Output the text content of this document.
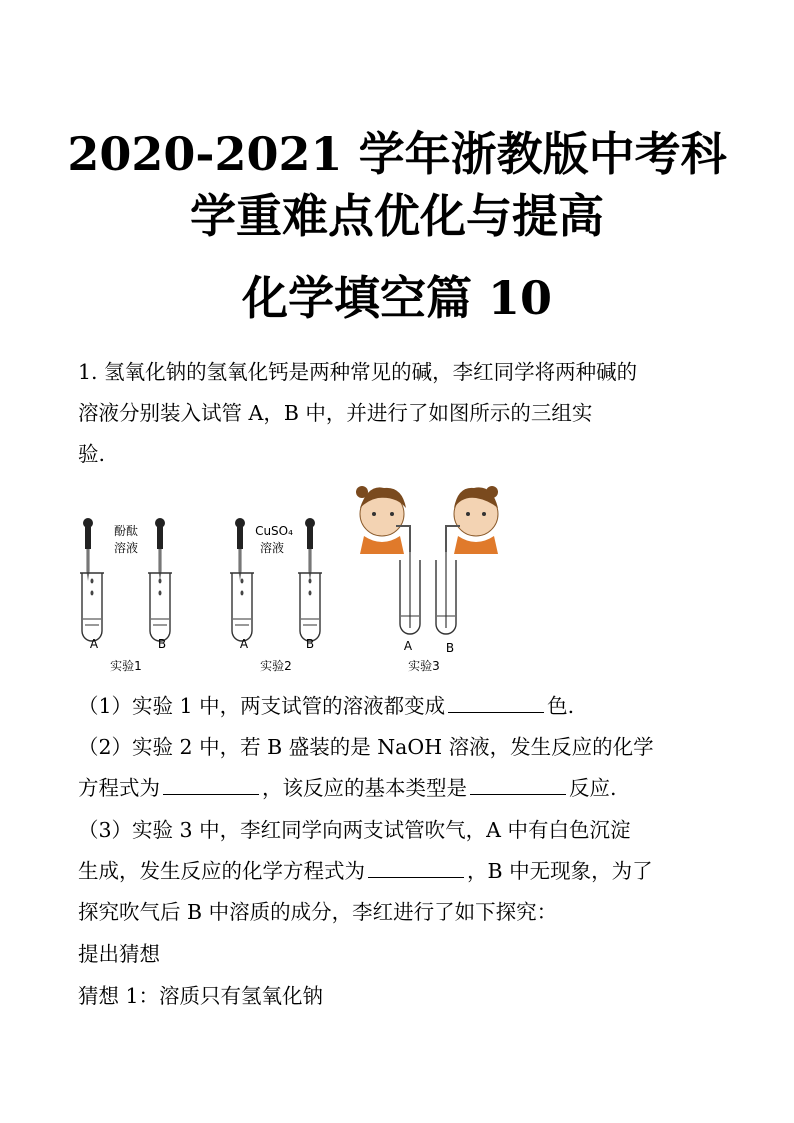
2020-2021 学年浙教版中考科
学重难点优化与提高
化学填空篇 10
1. 氢氧化钠的氢氧化钙是两种常见的碱，李红同学将两种碱的
溶液分别装入试管 A，B 中，并进行了如图所示的三组实
验.
酚酞
溶液
A	B
实验1
CuSO₄
溶液
A	B
实验2
A	B
实验3
（1）实验 1 中，两支试管的溶液都变成	色.
（2）实验 2 中，若 B 盛装的是 NaOH 溶液，发生反应的化学
方程式为	，该反应的基本类型是	反应.
（3）实验 3 中，李红同学向两支试管吹气，A 中有白色沉淀
生成，发生反应的化学方程式为	，B 中无现象，为了
探究吹气后 B 中溶质的成分，李红进行了如下探究：
提出猜想
猜想 1：溶质只有氢氧化钠
